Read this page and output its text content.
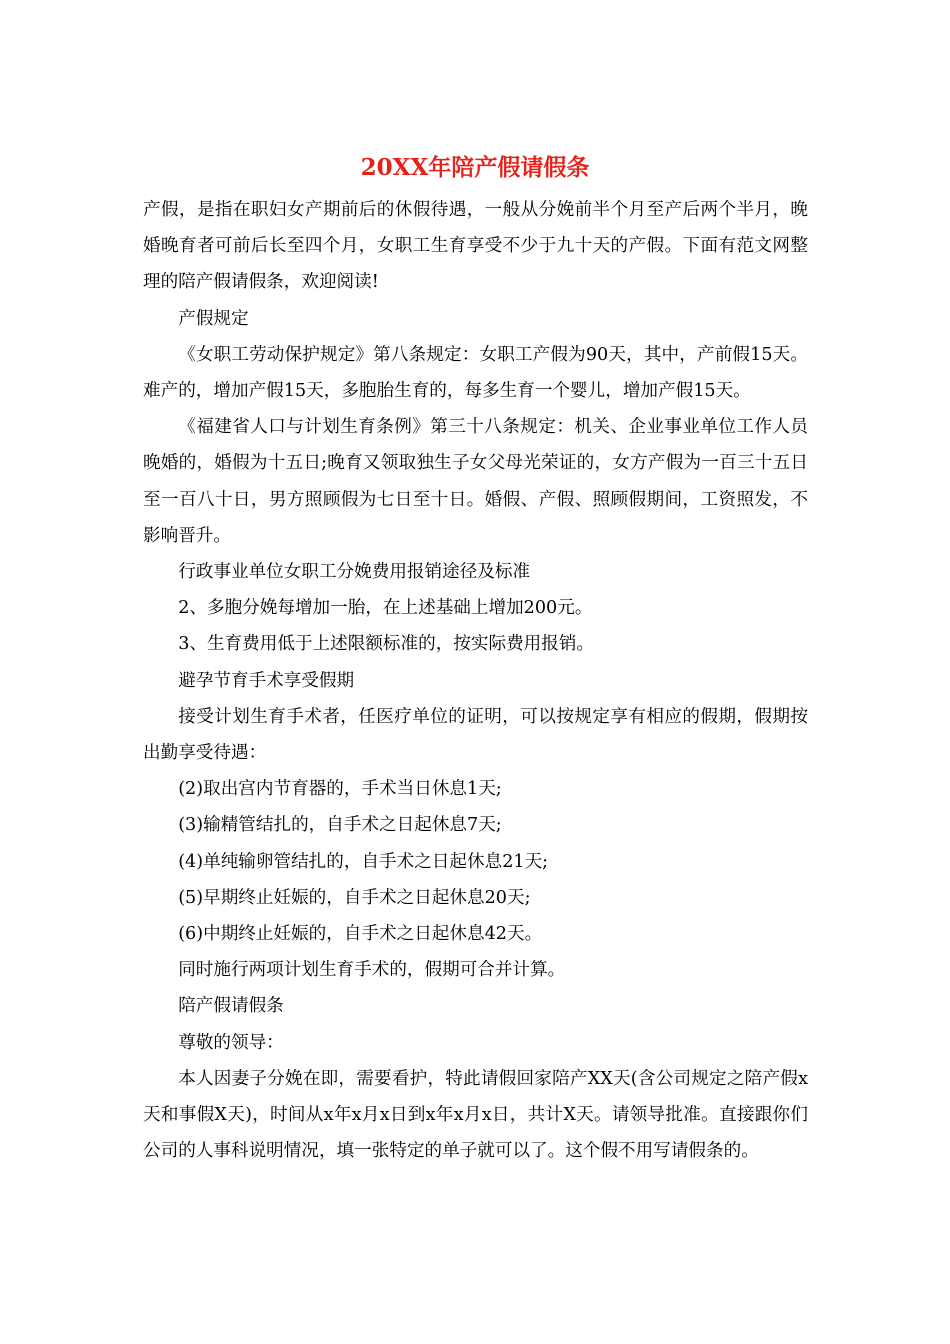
20XX年陪产假请假条

产假，是指在职妇女产期前后的休假待遇，一般从分娩前半个月至产后两个半月，晚婚晚育者可前后长至四个月，女职工生育享受不少于九十天的产假。下面有范文网整理的陪产假请假条，欢迎阅读!

产假规定

《女职工劳动保护规定》第八条规定：女职工产假为90天，其中，产前假15天。难产的，增加产假15天，多胞胎生育的，每多生育一个婴儿，增加产假15天。

《福建省人口与计划生育条例》第三十八条规定：机关、企业事业单位工作人员晚婚的，婚假为十五日;晚育又领取独生子女父母光荣证的，女方产假为一百三十五日至一百八十日，男方照顾假为七日至十日。婚假、产假、照顾假期间，工资照发，不影响晋升。

行政事业单位女职工分娩费用报销途径及标准

2、多胞分娩每增加一胎，在上述基础上增加200元。

3、生育费用低于上述限额标准的，按实际费用报销。

避孕节育手术享受假期

接受计划生育手术者，任医疗单位的证明，可以按规定享有相应的假期，假期按出勤享受待遇：

(2)取出宫内节育器的，手术当日休息1天;

(3)输精管结扎的，自手术之日起休息7天;

(4)单纯输卵管结扎的，自手术之日起休息21天;

(5)早期终止妊娠的，自手术之日起休息20天;

(6)中期终止妊娠的，自手术之日起休息42天。

同时施行两项计划生育手术的，假期可合并计算。

陪产假请假条

尊敬的领导：

本人因妻子分娩在即，需要看护，特此请假回家陪产XX天(含公司规定之陪产假x天和事假X天)，时间从x年x月x日到x年x月x日，共计X天。请领导批准。直接跟你们公司的人事科说明情况，填一张特定的单子就可以了。这个假不用写请假条的。
